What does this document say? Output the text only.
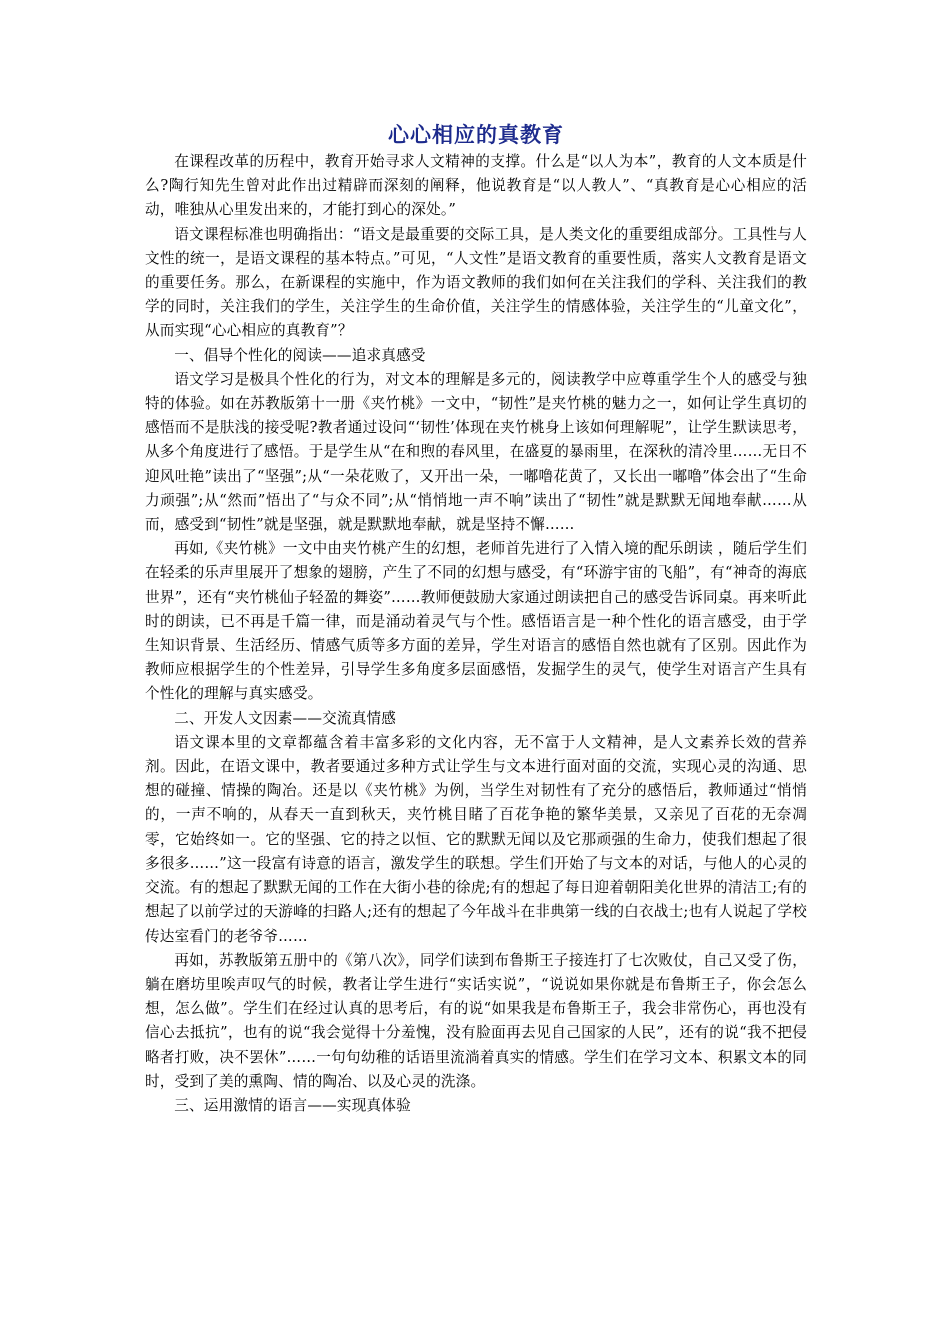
心心相应的真教育

在课程改革的历程中，教育开始寻求人文精神的支撑。什么是“以人为本”，教育的人文本质是什么?陶行知先生曾对此作出过精辟而深刻的阐释，他说教育是“以人教人”、“真教育是心心相应的活动，唯独从心里发出来的，才能打到心的深处。”

语文课程标准也明确指出：“语文是最重要的交际工具，是人类文化的重要组成部分。工具性与人文性的统一，是语文课程的基本特点。”可见，“人文性”是语文教育的重要性质，落实人文教育是语文的重要任务。那么，在新课程的实施中，作为语文教师的我们如何在关注我们的学科、关注我们的教学的同时，关注我们的学生，关注学生的生命价值，关注学生的情感体验，关注学生的“儿童文化”，从而实现“心心相应的真教育”？

一、倡导个性化的阅读——追求真感受

语文学习是极具个性化的行为，对文本的理解是多元的，阅读教学中应尊重学生个人的感受与独特的体验。如在苏教版第十一册《夹竹桃》一文中，“韧性”是夹竹桃的魅力之一，如何让学生真切的感悟而不是肤浅的接受呢?教者通过设问“‘韧性’体现在夹竹桃身上该如何理解呢”，让学生默读思考，从多个角度进行了感悟。于是学生从“在和煦的春风里，在盛夏的暴雨里，在深秋的清冷里……无日不迎风吐艳”读出了“坚强”;从“一朵花败了，又开出一朵，一嘟噜花黄了，又长出一嘟噜”体会出了“生命力顽强”;从“然而”悟出了“与众不同”;从“悄悄地一声不响”读出了“韧性”就是默默无闻地奉献……从而，感受到“韧性”就是坚强，就是默默地奉献，就是坚持不懈……

再如,《夹竹桃》一文中由夹竹桃产生的幻想，老师首先进行了入情入境的配乐朗读 ，随后学生们在轻柔的乐声里展开了想象的翅膀，产生了不同的幻想与感受，有“环游宇宙的飞船”，有“神奇的海底世界”，还有“夹竹桃仙子轻盈的舞姿”……教师便鼓励大家通过朗读把自己的感受告诉同桌。再来听此时的朗读，已不再是千篇一律，而是涌动着灵气与个性。感悟语言是一种个性化的语言感受，由于学生知识背景、生活经历、情感气质等多方面的差异，学生对语言的感悟自然也就有了区别。因此作为教师应根据学生的个性差异，引导学生多角度多层面感悟，发掘学生的灵气，使学生对语言产生具有个性化的理解与真实感受。

二、开发人文因素——交流真情感

语文课本里的文章都蕴含着丰富多彩的文化内容，无不富于人文精神，是人文素养长效的营养剂。因此，在语文课中，教者要通过多种方式让学生与文本进行面对面的交流，实现心灵的沟通、思想的碰撞、情操的陶冶。还是以《夹竹桃》为例，当学生对韧性有了充分的感悟后，教师通过“悄悄的，一声不响的，从春天一直到秋天，夹竹桃目睹了百花争艳的繁华美景，又亲见了百花的无奈凋零，它始终如一。它的坚强、它的持之以恒、它的默默无闻以及它那顽强的生命力，使我们想起了很多很多……”这一段富有诗意的语言，激发学生的联想。学生们开始了与文本的对话，与他人的心灵的交流。有的想起了默默无闻的工作在大街小巷的徐虎;有的想起了每日迎着朝阳美化世界的清洁工;有的想起了以前学过的天游峰的扫路人;还有的想起了今年战斗在非典第一线的白衣战士;也有人说起了学校传达室看门的老爷爷……

再如，苏教版第五册中的《第八次》，同学们读到布鲁斯王子接连打了七次败仗，自己又受了伤，躺在磨坊里唉声叹气的时候，教者让学生进行“实话实说”，“说说如果你就是布鲁斯王子，你会怎么想，怎么做”。学生们在经过认真的思考后，有的说“如果我是布鲁斯王子，我会非常伤心，再也没有信心去抵抗”，也有的说“我会觉得十分羞愧，没有脸面再去见自己国家的人民”，还有的说“我不把侵略者打败，决不罢休”……一句句幼稚的话语里流淌着真实的情感。学生们在学习文本、积累文本的同时，受到了美的熏陶、情的陶冶、以及心灵的洗涤。

三、运用激情的语言——实现真体验
